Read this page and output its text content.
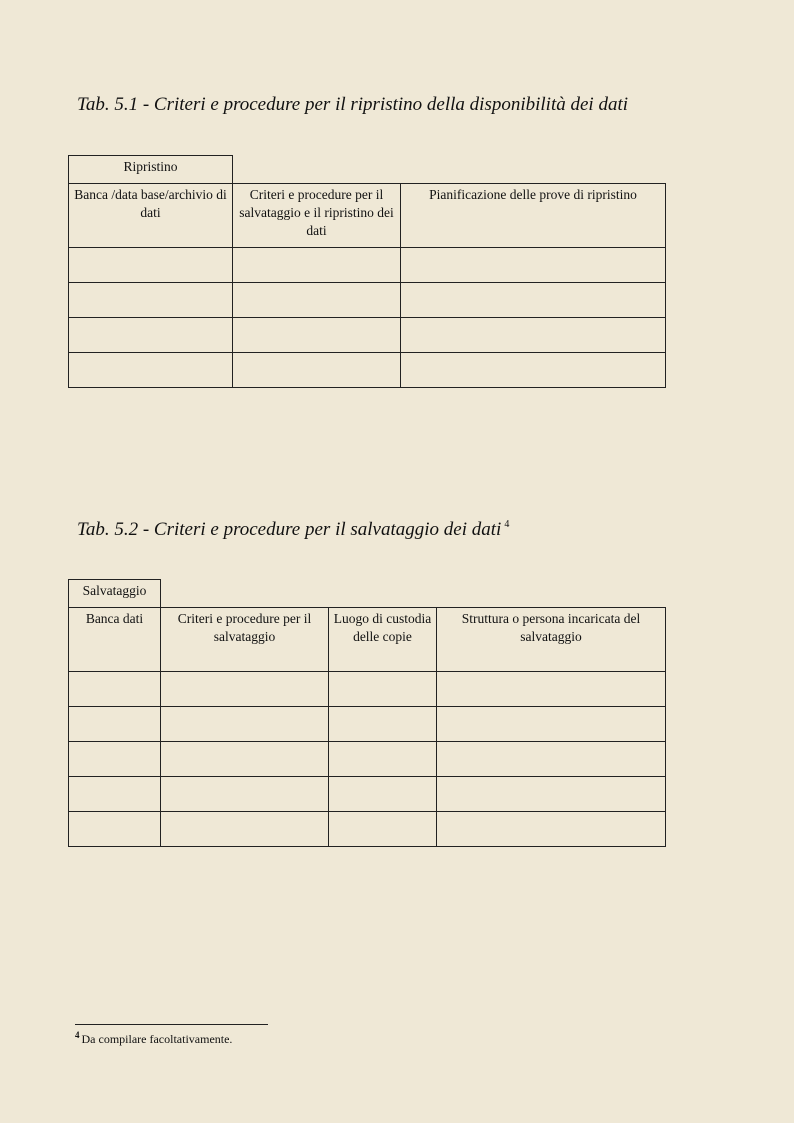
Tab. 5.1 - Criteri e procedure per il ripristino della disponibilità dei dati
Ripristino
Banca /data base/archivio di dati	Criteri e procedure per il salvataggio e il ripristino dei dati	Pianificazione delle prove di ripristino

Tab. 5.2 - Criteri e procedure per il salvataggio dei dati $^4$
Salvataggio
Banca dati	Criteri e procedure per il salvataggio	Luogo di custodia delle copie	Struttura o persona incaricata del salvataggio

$^4$ Da compilare facoltativamente.
